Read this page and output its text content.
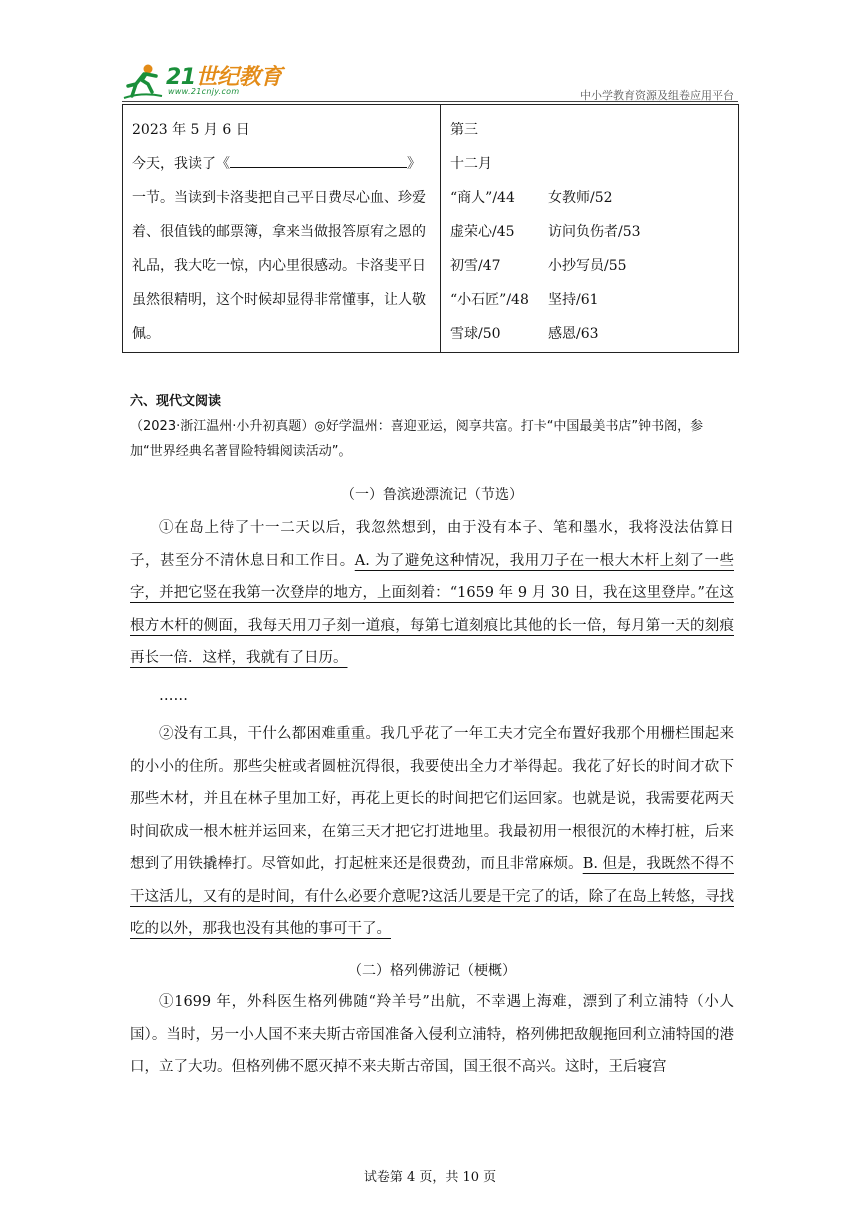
21世纪教育
www.21cnjy.com	中小学教育资源及组卷应用平台
2023 年 5 月 6 日
今天，我读了《	》
一节。当读到卡洛斐把自己平日费尽心血、珍爱着、很值钱的邮票簿，拿来当做报答原宥之恩的礼品，我大吃一惊，内心里很感动。卡洛斐平日虽然很精明，这个时候却显得非常懂事，让人敬佩。

第三
十二月
“商人”/44	女教师/52
虚荣心/45	访问负伤者/53
初雪/47	小抄写员/55
“小石匠”/48	坚持/61
雪球/50	感恩/63
六、现代文阅读
（2023·浙江温州·小升初真题）◎好学温州：喜迎亚运，阅享共富。打卡“中国最美书店”钟书阁，参加“世界经典名著冒险特辑阅读活动”。
（一）鲁滨逊漂流记（节选）
①在岛上待了十一二天以后，我忽然想到，由于没有本子、笔和墨水，我将没法估算日子，甚至分不清休息日和工作日。A. 为了避免这种情况，我用刀子在一根大木杆上刻了一些字，并把它竖在我第一次登岸的地方，上面刻着：“1659 年 9 月 30 日，我在这里登岸。”在这根方木杆的侧面，我每天用刀子刻一道痕，每第七道刻痕比其他的长一倍，每月第一天的刻痕再长一倍．这样，我就有了日历。
……
②没有工具，干什么都困难重重。我几乎花了一年工夫才完全布置好我那个用栅栏围起来的小小的住所。那些尖桩或者圆桩沉得很，我要使出全力才举得起。我花了好长的时间才砍下那些木材，并且在林子里加工好，再花上更长的时间把它们运回家。也就是说，我需要花两天时间砍成一根木桩并运回来，在第三天才把它打进地里。我最初用一根很沉的木棒打桩，后来想到了用铁撬棒打。尽管如此，打起桩来还是很费劲，而且非常麻烦。B. 但是，我既然不得不干这活儿，又有的是时间，有什么必要介意呢?这活儿要是干完了的话，除了在岛上转悠，寻找吃的以外，那我也没有其他的事可干了。
（二）格列佛游记（梗概）
①1699 年，外科医生格列佛随“羚羊号”出航，不幸遇上海难，漂到了利立浦特（小人国）。当时，另一小人国不来夫斯古帝国准备入侵利立浦特，格列佛把敌舰拖回利立浦特国的港口，立了大功。但格列佛不愿灭掉不来夫斯古帝国，国王很不高兴。这时，王后寝宫
试卷第 4 页，共 10 页
